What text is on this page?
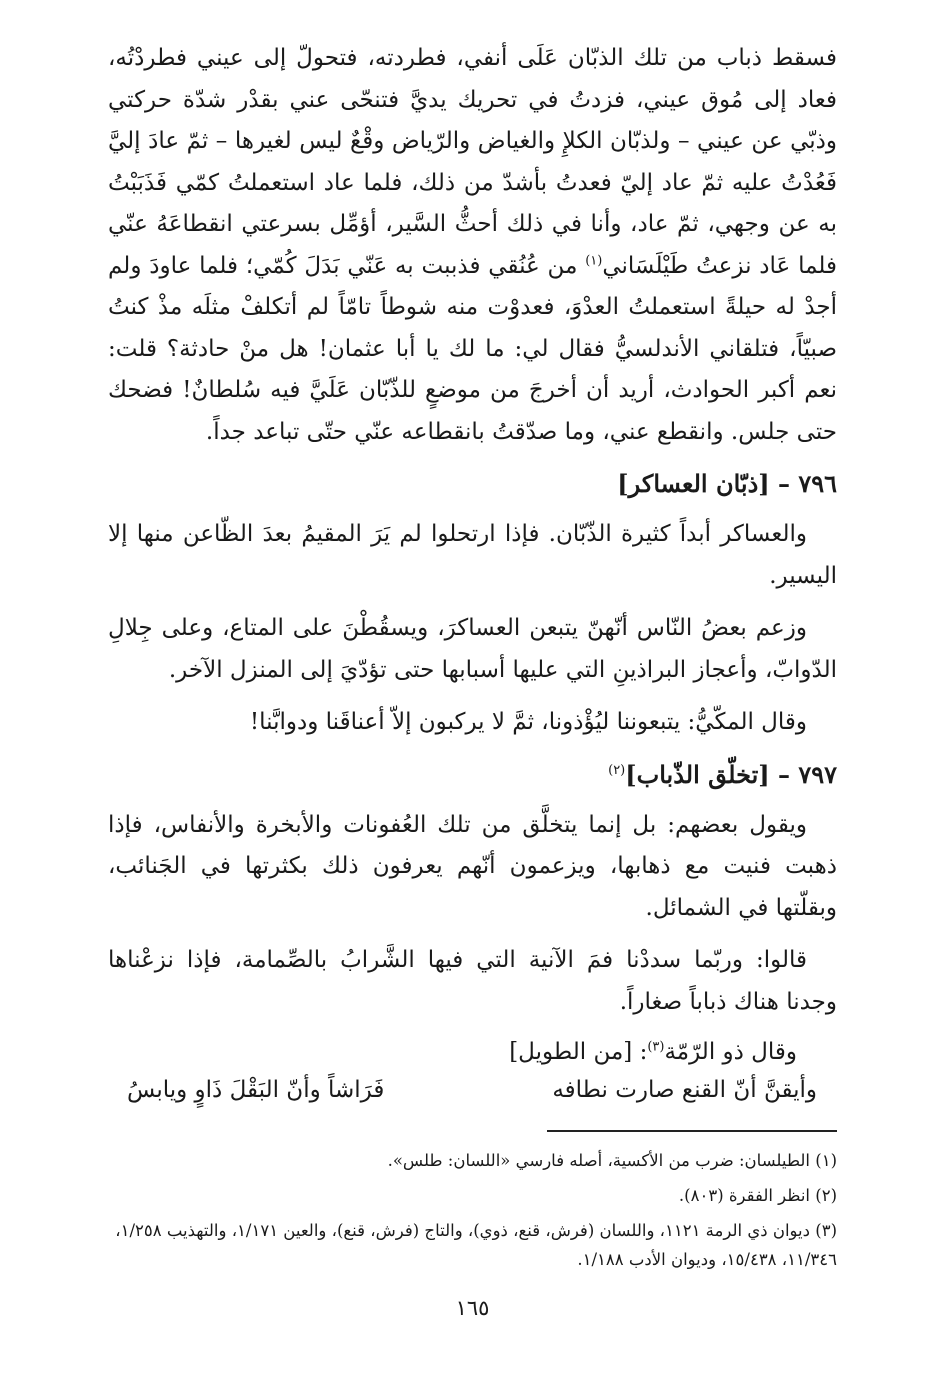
فسقط ذباب من تلك الذبّان عَلَى أنفي، فطردته، فتحولّ إلى عيني فطردْتُه، فعاد إلى مُوق عيني، فزدتُ في تحريك يديَّ فتنحّى عني بقدْر شدّة حركتي وذبّي عن عيني – ولذبّان الكلإِ والغياض والرّياض وقْعٌ ليس لغيرها – ثمّ عادَ إليَّ فَعُدْتُ عليه ثمّ عاد إليّ فعدتُ بأشدّ من ذلك، فلما عاد استعملتُ كمّي فَذَبَبْتُ به عن وجهي، ثمّ عاد، وأنا في ذلك أحثُّ السَّير، أؤمِّل بسرعتي انقطاعَهُ عنّي فلما عَاد نزعتُ طَيْلَسَاني$^{(١)}$ من عُنُقي فذببت به عَنّي بَدَلَ كُمّي؛ فلما عاودَ ولم أجدْ له حيلةً استعملتُ العدْوَ، فعدوْت منه شوطاً تامّاً لم أتكلفْ مثلَه مذْ كنتُ صبيّاً، فتلقاني الأندلسيُّ فقال لي: ما لك يا أبا عثمان! هل منْ حادثة؟ قلت: نعم أكبر الحوادث، أريد أن أخرجَ من موضعٍ للذّبّان عَلَيَّ فيه سُلطانٌ! فضحك حتى جلس. وانقطع عني، وما صدّقتُ بانقطاعه عنّي حتّى تباعد جداً.

٧٩٦ – [ذبّان العساكر]

والعساكر أبداً كثيرة الذّبّان. فإذا ارتحلوا لم يَرَ المقيمُ بعدَ الظّاعن منها إلا اليسير.

وزعم بعضُ النّاس أنّهنّ يتبعن العساكرَ، ويسقُطْنَ على المتاع، وعلى جِلالِ الدّوابّ، وأعجاز البراذينِ التي عليها أسبابها حتى تؤدّيَ إلى المنزل الآخر.

وقال المكّيُّ: يتبعوننا ليُؤْذونا، ثمَّ لا يركبون إلاّ أعناقَنا ودوابَّنا!

٧٩٧ – [تخلّق الذّباب]$^{(٢)}$

ويقول بعضهم: بل إنما يتخلَّق من تلك العُفونات والأبخرة والأنفاس، فإذا ذهبت فنيت مع ذهابها، ويزعمون أنّهم يعرفون ذلك بكثرتها في الجَنائب، وبقلّتها في الشمائل.

قالوا: وربّما سددْنا فمَ الآنية التي فيها الشَّرابُ بالصِّمامة، فإذا نزعْناها وجدنا هناك ذباباً صغاراً.

وقال ذو الرّمّة$^{(٣)}$: [من الطويل]
وأيقنَّ أنّ القنع صارت نطافه
فَرَاشاً وأنّ البَقْلَ ذَاوٍ ويابسُ

(١) الطيلسان: ضرب من الأكسية، أصله فارسي «اللسان: طلس».

(٢) انظر الفقرة (٨٠٣).

(٣) ديوان ذي الرمة ١١٢١، واللسان (فرش، قنع، ذوي)، والتاج (فرش، قنع)، والعين ١/١٧١، والتهذيب ١/٢٥٨، ١١/٣٤٦، ١٥/٤٣٨، وديوان الأدب ١/١٨٨.

١٦٥
